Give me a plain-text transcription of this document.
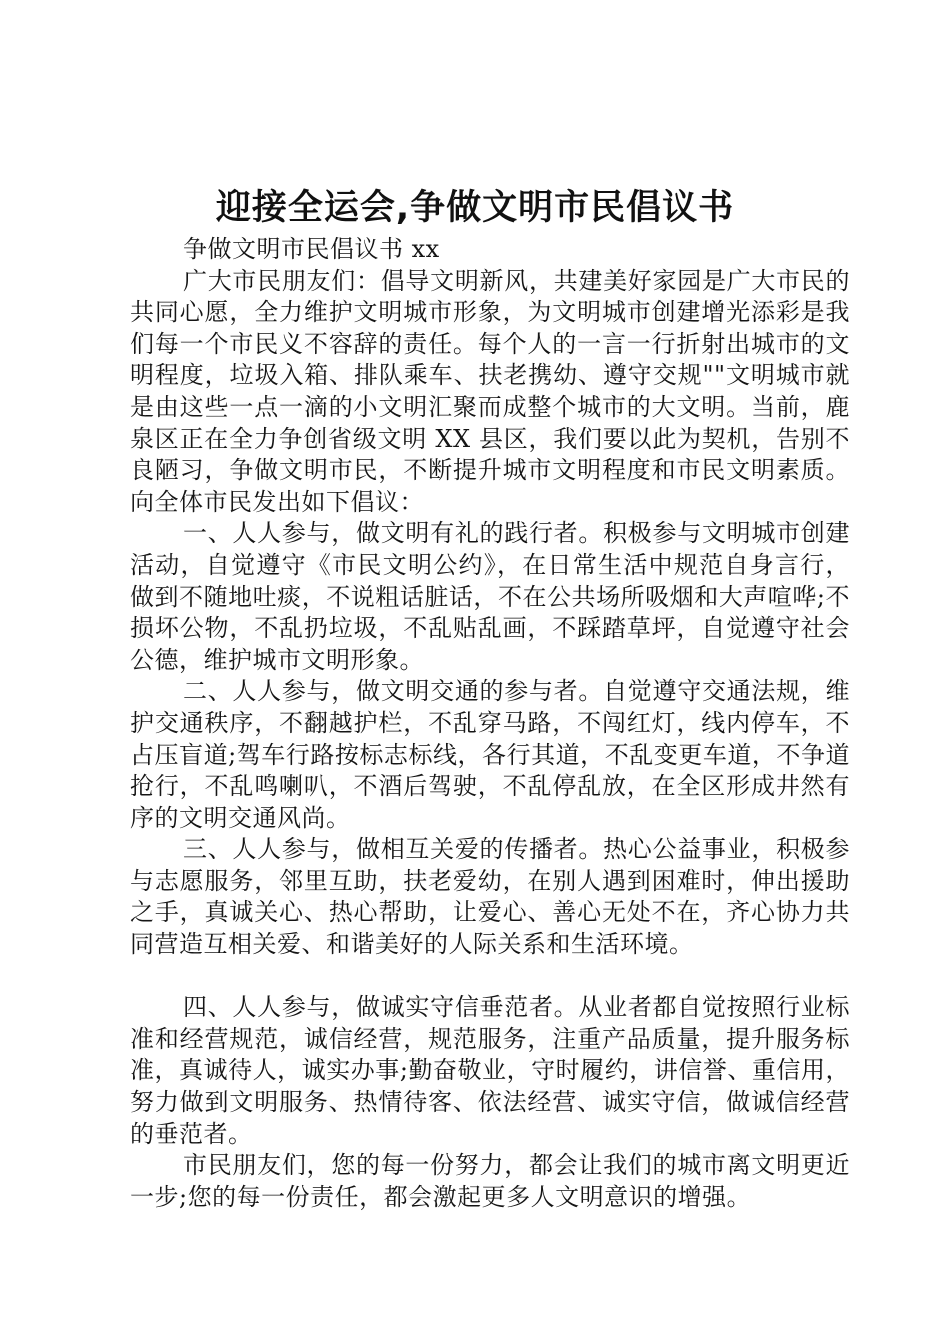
迎接全运会,争做文明市民倡议书

争做文明市民倡议书 xx

广大市民朋友们：倡导文明新风，共建美好家园是广大市民的共同心愿，全力维护文明城市形象，为文明城市创建增光添彩是我们每一个市民义不容辞的责任。每个人的一言一行折射出城市的文明程度，垃圾入箱、排队乘车、扶老携幼、遵守交规""文明城市就是由这些一点一滴的小文明汇聚而成整个城市的大文明。当前，鹿泉区正在全力争创省级文明 XX 县区，我们要以此为契机，告别不良陋习，争做文明市民，不断提升城市文明程度和市民文明素质。向全体市民发出如下倡议：

一、人人参与，做文明有礼的践行者。积极参与文明城市创建活动，自觉遵守《市民文明公约》，在日常生活中规范自身言行，做到不随地吐痰，不说粗话脏话，不在公共场所吸烟和大声喧哗;不损坏公物，不乱扔垃圾，不乱贴乱画，不踩踏草坪，自觉遵守社会公德，维护城市文明形象。

二、人人参与，做文明交通的参与者。自觉遵守交通法规，维护交通秩序，不翻越护栏，不乱穿马路，不闯红灯，线内停车，不占压盲道;驾车行路按标志标线，各行其道，不乱变更车道，不争道抢行，不乱鸣喇叭，不酒后驾驶，不乱停乱放，在全区形成井然有序的文明交通风尚。

三、人人参与，做相互关爱的传播者。热心公益事业，积极参与志愿服务，邻里互助，扶老爱幼，在别人遇到困难时，伸出援助之手，真诚关心、热心帮助，让爱心、善心无处不在，齐心协力共同营造互相关爱、和谐美好的人际关系和生活环境。

四、人人参与，做诚实守信垂范者。从业者都自觉按照行业标准和经营规范，诚信经营，规范服务，注重产品质量，提升服务标准，真诚待人，诚实办事;勤奋敬业，守时履约，讲信誉、重信用，努力做到文明服务、热情待客、依法经营、诚实守信，做诚信经营的垂范者。

市民朋友们，您的每一份努力，都会让我们的城市离文明更近一步;您的每一份责任，都会激起更多人文明意识的增强。
